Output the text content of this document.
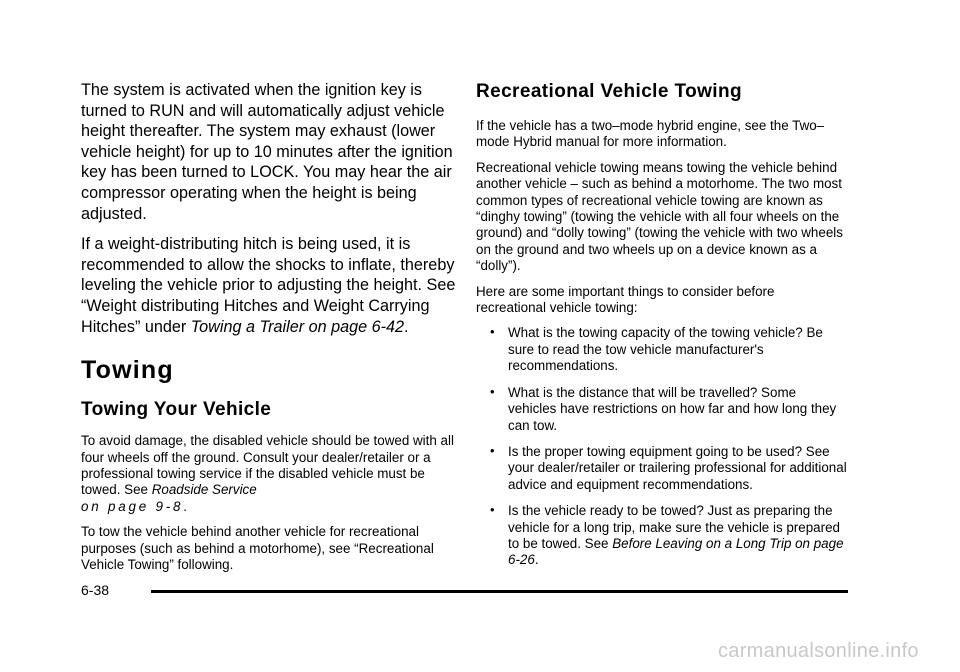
The system is activated when the ignition key is turned to RUN and will automatically adjust vehicle height thereafter. The system may exhaust (lower vehicle height) for up to 10 minutes after the ignition key has been turned to LOCK. You may hear the air compressor operating when the height is being adjusted.

If a weight-distributing hitch is being used, it is recommended to allow the shocks to inflate, thereby leveling the vehicle prior to adjusting the height. See “Weight distributing Hitches and Weight Carrying Hitches” under Towing a Trailer on page 6‑42.

Towing
Towing Your Vehicle

To avoid damage, the disabled vehicle should be towed with all four wheels off the ground. Consult your dealer/retailer or a professional towing service if the disabled vehicle must be towed. See Roadside Service
on page 9‑8.

To tow the vehicle behind another vehicle for recreational purposes (such as behind a motorhome), see “Recreational Vehicle Towing” following.

Recreational Vehicle Towing

If the vehicle has a two–mode hybrid engine, see the Two–mode Hybrid manual for more information.

Recreational vehicle towing means towing the vehicle behind another vehicle – such as behind a motorhome. The two most common types of recreational vehicle towing are known as “dinghy towing” (towing the vehicle with all four wheels on the ground) and “dolly towing” (towing the vehicle with two wheels on the ground and two wheels up on a device known as a “dolly”).

Here are some important things to consider before recreational vehicle towing:

• What is the towing capacity of the towing vehicle? Be sure to read the tow vehicle manufacturer's recommendations.
• What is the distance that will be travelled? Some vehicles have restrictions on how far and how long they can tow.
• Is the proper towing equipment going to be used? See your dealer/retailer or trailering professional for additional advice and equipment recommendations.
• Is the vehicle ready to be towed? Just as preparing the vehicle for a long trip, make sure the vehicle is prepared to be towed. See Before Leaving on a Long Trip on page 6‑26.
6-38
carmanualsonline.info
